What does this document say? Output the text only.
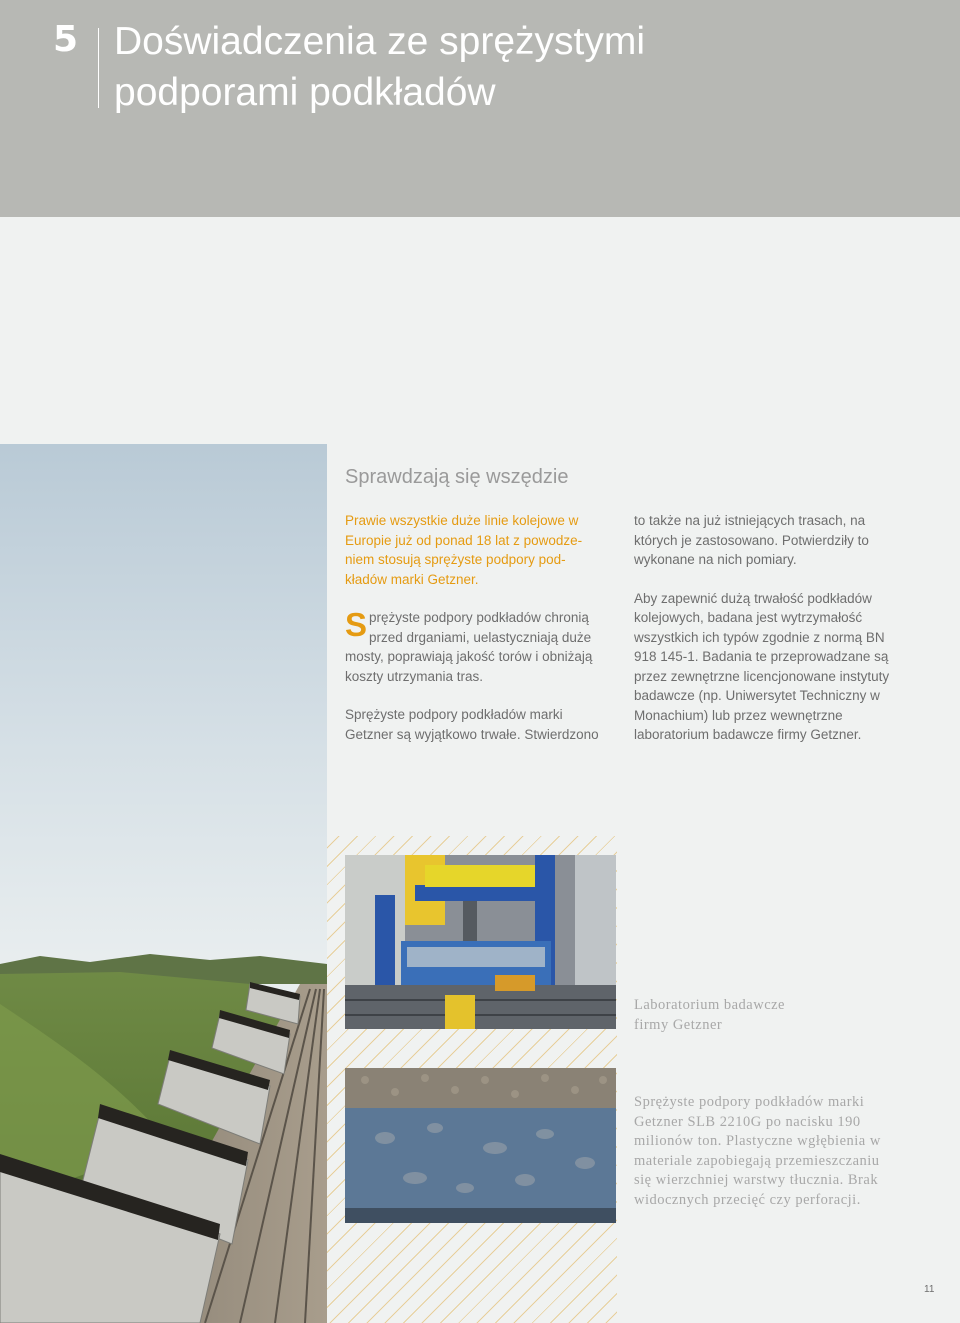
5 Doświadczenia ze sprężystymi podporami podkładów
Sprawdzają się wszędzie

Prawie wszystkie duże linie kolejowe w
Europie już od ponad 18 lat z powodze-
niem stosują sprężyste podpory pod-
kładów marki Getzner.

Sprężyste podpory podkładów chronią przed drganiami, uelastyczniają duże mosty, poprawiają jakość torów i obniżają koszty utrzymania tras.

Sprężyste podpory podkładów marki Getzner są wyjątkowo trwałe. Stwierdzono

to także na już istniejących trasach, na których je zastosowano. Potwierdziły to wykonane na nich pomiary.

Aby zapewnić dużą trwałość podkładów kolejowych, badana jest wytrzymałość wszystkich ich typów zgodnie z normą BN 918 145-1. Badania te przeprowadzane są przez zewnętrzne licencjonowane instytuty badawcze (np. Uniwersytet Techniczny w Monachium) lub przez wewnętrzne laboratorium badawcze firmy Getzner.

Laboratorium badawcze
firmy Getzner
Sprężyste podpory podkładów marki
Getzner SLB 2210G po nacisku 190
milionów ton. Plastyczne wgłębienia w
materiale zapobiegają przemieszczaniu
się wierzchniej warstwy tłucznia. Brak
widocznych przecięć czy perforacji.
11
